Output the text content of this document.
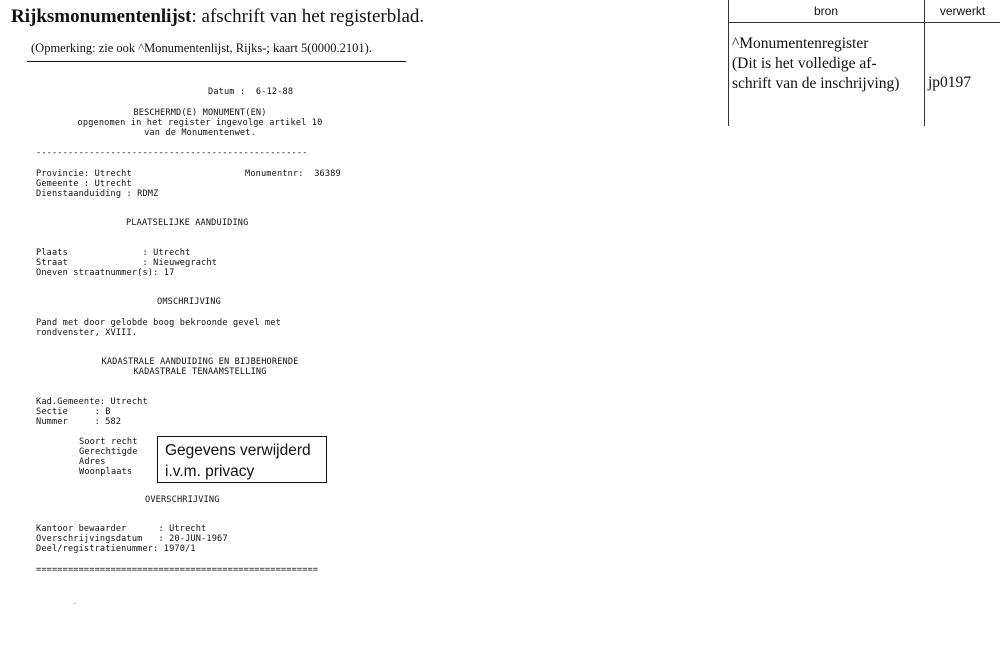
Rijksmonumentenlijst: afschrift van het registerblad.
(Opmerking: zie ook ^Monumentenlijst, Rijks-; kaart 5(0000.2101).
Datum :  6-12-88
BESCHERMD(E) MONUMENT(EN)
opgenomen in het register ingevolge artikel 10
van de Monumentenwet.
---------------------------------------------------
Provincie: Utrecht	Monumentnr:  36389
Gemeente : Utrecht
Dienstaanduiding : RDMZ
PLAATSELIJKE AANDUIDING
Plaats              : Utrecht
Straat              : Nieuwegracht
Oneven straatnummer(s): 17
OMSCHRIJVING
Pand met door gelobde boog bekroonde gevel met
rondvenster, XVIII.
KADASTRALE AANDUIDING EN BIJBEHORENDE
KADASTRALE TENAAMSTELLING
Kad.Gemeente: Utrecht
Sectie     : B
Nummer     : 582
Soort recht
Gerechtigde
Adres
Woonplaats
Gegevens verwijderd
i.v.m. privacy
OVERSCHRIJVING
Kantoor bewaarder      : Utrecht
Overschrijvingsdatum   : 20-JUN-1967
Deel/registratienummer: 1970/1
=====================================================
bron	verwerkt
^Monumentenregister
(Dit is het volledige af-
schrift van de inschrijving)	jp0197
